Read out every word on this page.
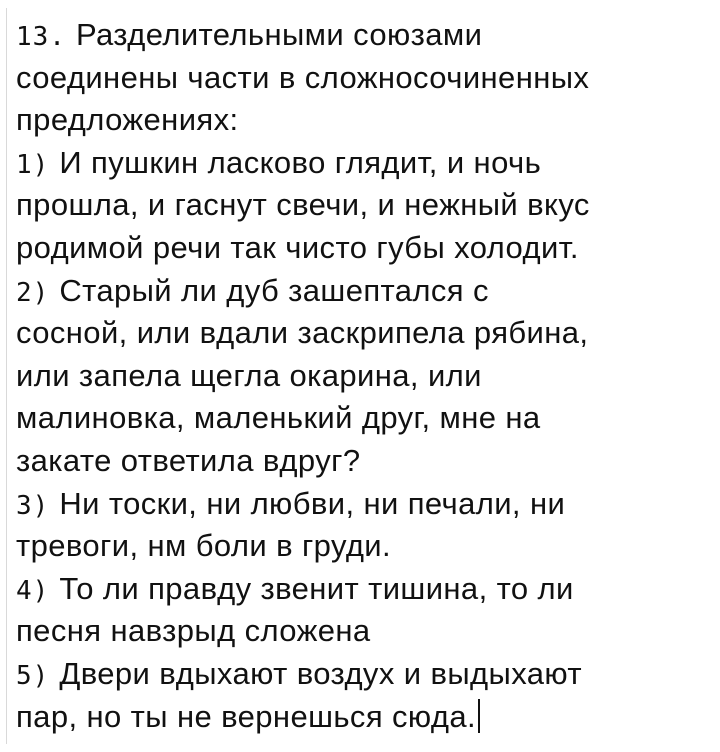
13. Разделительными союзами
соединены части в сложносочиненных
предложениях:
1) И пушкин ласково глядит, и ночь
прошла, и гаснут свечи, и нежный вкус
родимой речи так чисто губы холодит.
2) Старый ли дуб зашептался с
сосной, или вдали заскрипела рябина,
или запела щегла окарина, или
малиновка, маленький друг, мне на
закате ответила вдруг?
3) Ни тоски, ни любви, ни печали, ни
тревоги, нм боли в груди.
4) То ли правду звенит тишина, то ли
песня навзрыд сложена
5) Двери вдыхают воздух и выдыхают
пар, но ты не вернешься сюда.
